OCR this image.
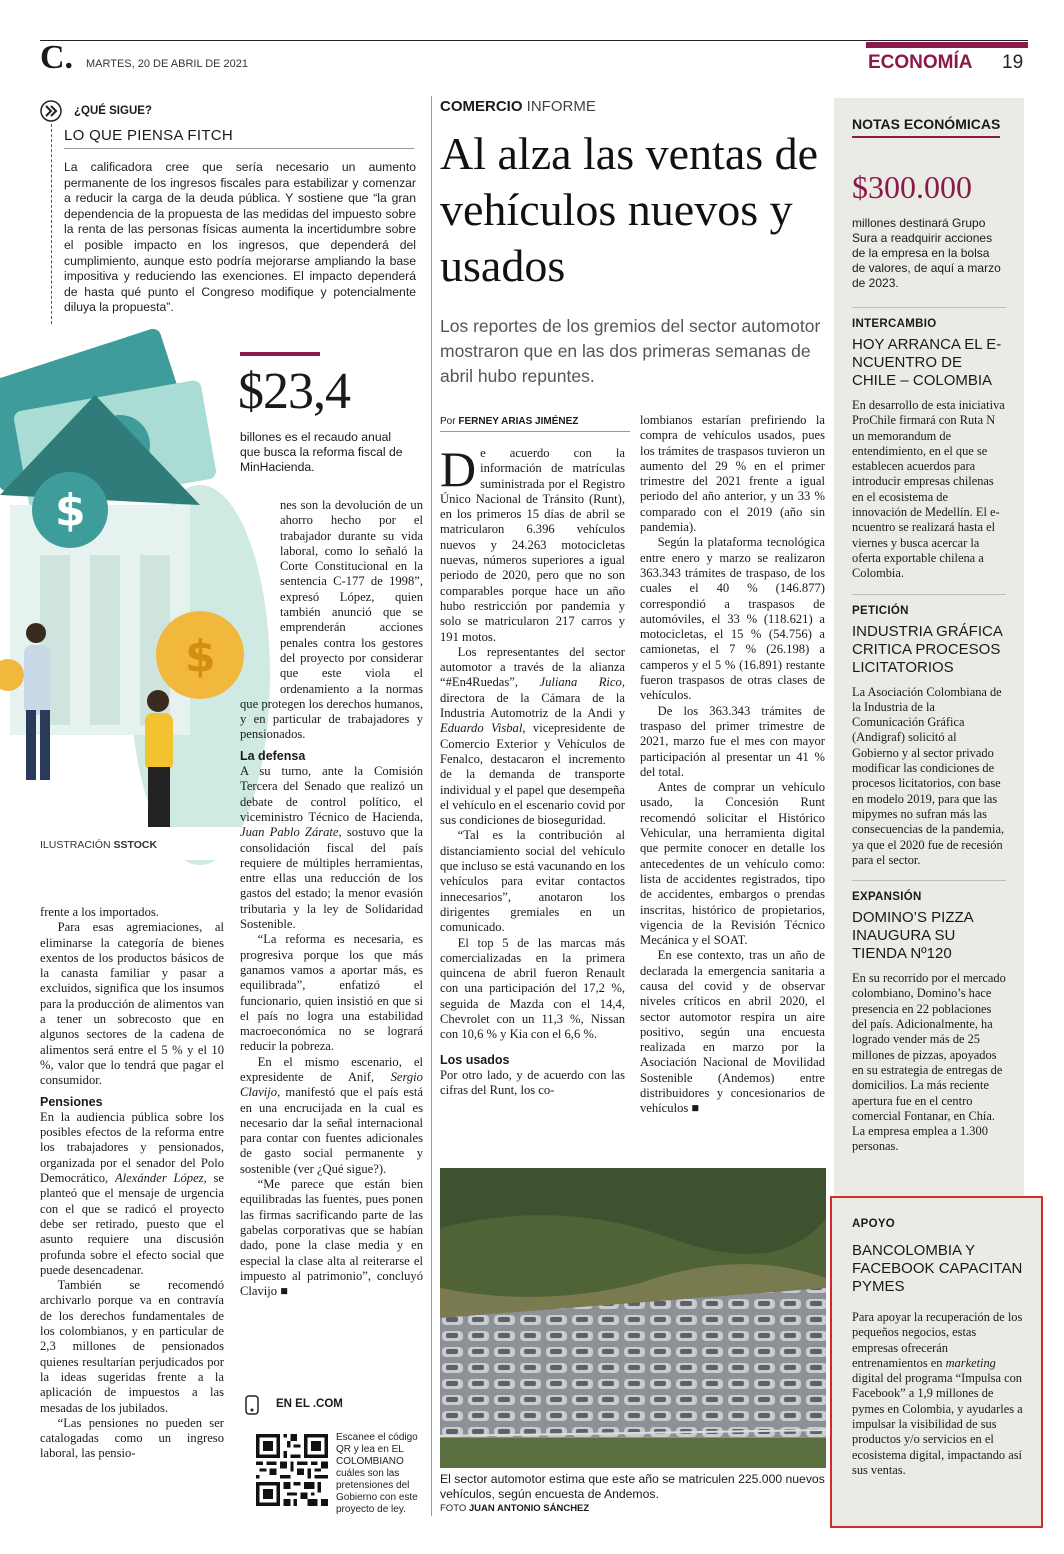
C. MARTES, 20 DE ABRIL DE 2021	ECONOMÍA 19
¿QUÉ SIGUE?
LO QUE PIENSA FITCH
La calificadora cree que sería necesario un aumento permanente de los ingresos fiscales para estabilizar y comenzar a reducir la carga de la deuda pública. Y sostiene que “la gran dependencia de la propuesta de las medidas del impuesto sobre la renta de las personas físicas aumenta la incertidumbre sobre el posible impacto en los ingresos, que dependerá del cumplimiento, aunque esto podría mejorarse ampliando la base impositiva y reduciendo las exenciones. El impacto dependerá de hasta qué punto el Congreso modifique y potencialmente diluya la propuesta”.
$
$
ILUSTRACIÓN SSTOCK
$23,4
billones es el recaudo anual que busca la reforma fiscal de MinHacienda.

frente a los importados.

Para esas agremiaciones, al eliminarse la categoría de bienes exentos de los productos básicos de la canasta familiar y pasar a excluidos, significa que los insumos para la producción de alimentos van a tener un sobrecosto que en algunos sectores de la cadena de alimentos será entre el 5 % y el 10 %, valor que lo tendrá que pagar el consumidor.

Pensiones

En la audiencia pública sobre los posibles efectos de la reforma entre los trabajadores y pensionados, organizada por el senador del Polo Democrático, Alexánder López, se planteó que el mensaje de urgencia con el que se radicó el proyecto debe ser retirado, puesto que el asunto requiere una discusión profunda sobre el efecto social que puede desencadenar.

También se recomendó archivarlo porque va en contravía de los derechos fundamentales de los colombianos, y en particular de 2,3 millones de pensionados quienes resultarían perjudicados por la ideas sugeridas frente a la aplicación de impuestos a las mesadas de los jubilados.

“Las pensiones no pueden ser catalogadas como un ingreso laboral, las pensio-

nes son la devolución de un ahorro hecho por el trabajador durante su vida laboral, como lo señaló la Corte Constitucional en la sentencia C-177 de 1998”, expresó López, quien también anunció que se emprenderán acciones penales contra los gestores del proyecto por considerar que este viola el ordenamiento a la normas que protegen los derechos humanos, y en particular de trabajadores y pensionados.

La defensa

A su turno, ante la Comisión Tercera del Senado que realizó un debate de control político, el viceministro Técnico de Hacienda, Juan Pablo Zárate, sostuvo que la consolidación fiscal del país requiere de múltiples herramientas, entre ellas una reducción de los gastos del estado; la menor evasión tributaria y la ley de Solidaridad Sostenible.

“La reforma es necesaria, es progresiva porque los que más ganamos vamos a aportar más, es equilibrada”, enfatizó el funcionario, quien insistió en que si el país no logra una estabilidad macroeconómica no se logrará reducir la pobreza.

En el mismo escenario, el expresidente de Anif, Sergio Clavijo, manifestó que el país está en una encrucijada en la cual es necesario dar la señal internacional para contar con fuentes adicionales de gasto social permanente y sostenible (ver ¿Qué sigue?).

“Me parece que están bien equilibradas las fuentes, pues ponen las firmas sacrificando parte de las gabelas corporativas que se habían dado, pone la clase media y en especial la clase alta al reiterarse el impuesto al patrimonio”, concluyó Clavijo ■

EN EL .COM
Escanee el código QR y lea en EL COLOMBIANO cuáles son las pretensiones del Gobierno con este proyecto de ley.
COMERCIO INFORME
Al alza las ventas de vehículos nuevos y usados
Los reportes de los gremios del sector automotor mostraron que en las dos primeras semanas de abril hubo repuntes.
Por FERNEY ARIAS JIMÉNEZ

De acuerdo con la información de matrículas suministrada por el Registro Único Nacional de Tránsito (Runt), en los primeros 15 días de abril se matricularon 6.396 vehículos nuevos y 24.263 motocicletas nuevas, números superiores a igual periodo de 2020, pero que no son comparables porque hace un año hubo restricción por pandemia y solo se matricularon 217 carros y 191 motos.

Los representantes del sector automotor a través de la alianza “#En4Ruedas”, Juliana Rico, directora de la Cámara de la Industria Automotriz de la Andi y Eduardo Visbal, vicepresidente de Comercio Exterior y Vehículos de Fenalco, destacaron el incremento de la demanda de transporte individual y el papel que desempeña el vehículo en el escenario covid por sus condiciones de bioseguridad.

“Tal es la contribución al distanciamiento social del vehículo que incluso se está vacunando en los vehículos para evitar contactos innecesarios”, anotaron los dirigentes gremiales en un comunicado.

El top 5 de las marcas más comercializadas en la primera quincena de abril fueron Renault con una participación del 17,2 %, seguida de Mazda con el 14,4, Chevrolet con un 11,3 %, Nissan con 10,6 % y Kia con el 6,6 %.

Los usados

Por otro lado, y de acuerdo con las cifras del Runt, los co-

lombianos estarían prefiriendo la compra de vehículos usados, pues los trámites de traspasos tuvieron un aumento del 29 % en el primer trimestre del 2021 frente a igual periodo del año anterior, y un 33 % comparado con el 2019 (año sin pandemia).

Según la plataforma tecnológica entre enero y marzo se realizaron 363.343 trámites de traspaso, de los cuales el 40 % (146.877) correspondió a traspasos de automóviles, el 33 % (118.621) a motocicletas, el 15 % (54.756) a camionetas, el 7 % (26.198) a camperos y el 5 % (16.891) restante fueron traspasos de otras clases de vehículos.

De los 363.343 trámites de traspaso del primer trimestre de 2021, marzo fue el mes con mayor participación al presentar un 41 % del total.

Antes de comprar un vehículo usado, la Concesión Runt recomendó solicitar el Histórico Vehicular, una herramienta digital que permite conocer en detalle los antecedentes de un vehículo como: lista de accidentes registrados, tipo de accidentes, embargos o prendas inscritas, histórico de propietarios, vigencia de la Revisión Técnico Mecánica y el SOAT.

En ese contexto, tras un año de declarada la emergencia sanitaria a causa del covid y de observar niveles críticos en abril 2020, el sector automotor respira un aire positivo, según una encuesta realizada en marzo por la Asociación Nacional de Movilidad Sostenible (Andemos) entre distribuidores y concesionarios de vehículos ■

El sector automotor estima que este año se matriculen 225.000 nuevos vehículos, según encuesta de Andemos.
FOTO JUAN ANTONIO SÁNCHEZ
NOTAS ECONÓMICAS
$300.000
millones destinará Grupo Sura a readquirir acciones de la empresa en la bolsa de valores, de aquí a marzo de 2023.
INTERCAMBIO
HOY ARRANCA EL E-NCUENTRO DE CHILE – COLOMBIA
En desarrollo de esta iniciativa ProChile firmará con Ruta N un memorandum de entendimiento, en el que se establecen acuerdos para introducir empresas chilenas en el ecosistema de innovación de Medellín. El e-ncuentro se realizará hasta el viernes y busca acercar la oferta exportable chilena a Colombia.
PETICIÓN
INDUSTRIA GRÁFICA CRITICA PROCESOS LICITATORIOS
La Asociación Colombiana de la Industria de la Comunicación Gráfica (Andigraf) solicitó al Gobierno y al sector privado modificar las condiciones de procesos licitatorios, con base en modelo 2019, para que las mipymes no sufran más las consecuencias de la pandemia, ya que el 2020 fue de recesión para el sector.
EXPANSIÓN
DOMINO’S PIZZA INAUGURA SU TIENDA Nº120
En su recorrido por el mercado colombiano, Domino’s hace presencia en 22 poblaciones del país. Adicionalmente, ha logrado vender más de 25 millones de pizzas, apoyados en su estrategia de entregas de domicilios. La más reciente apertura fue en el centro comercial Fontanar, en Chía. La empresa emplea a 1.300 personas.
APOYO
BANCOLOMBIA Y FACEBOOK CAPACITAN PYMES
Para apoyar la recuperación de los pequeños negocios, estas empresas ofrecerán entrenamientos en marketing digital del programa “Impulsa con Facebook” a 1,9 millones de pymes en Colombia, y ayudarles a impulsar la visibilidad de sus productos y/o servicios en el ecosistema digital, impactando así sus ventas.
